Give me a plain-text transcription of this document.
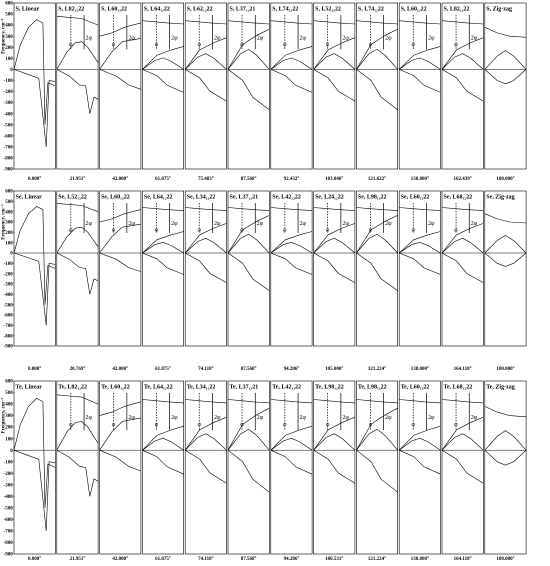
600
500
400
300
200
100
0
-100
-200
-300
-400
-500
-600
-700
-800
-900
Frequency, cm⁻¹
S, Linear
0.000°
S, L82₁₂22
21.951°
φ
2φ
S, L60₁₂22
42.000°
φ
2φ
S, L64₁₂22
61.875°
φ
2φ
S, L62₁₂22
75.483°
φ
2φ
S, L37₁₂21
87.568°
φ
2φ
S, L74₁₂22
92.432°
φ
2φ
S, L52₁₂22
103.846°
φ
2φ
S, L74₁₂22
121.622°
φ
2φ
S, L60₁₂22
138.000°
φ
2φ
S, L82₁₂22
162.439°
φ
2φ
S, Zig-zag
180.000°
600
500
400
300
200
100
0
-100
-200
-300
-400
-500
-600
-700
-800
-900
Frequency, cm⁻¹
Se, Linear
0.000°
Se, L52₁₂22
20.769°
φ
2φ
Se, L60₁₂22
42.000°
φ
2φ
Se, L64₁₂22
61.875°
φ
2φ
Se, L34₁₂22
74.118°
φ
2φ
Se, L37₁₂21
87.568°
φ
2φ
Se, L42₁₂22
94.286°
φ
2φ
Se, L24₁₂22
105.000°
φ
2φ
Se, L98₁₂22
121.224°
φ
2φ
Se, L60₁₂22
138.000°
φ
2φ
Se, L68₁₂22
164.118°
φ
2φ
Se, Zig-zag
180.000°
600
500
400
300
200
100
0
-100
-200
-300
-400
-500
-600
-700
-800
-900
Frequency, cm⁻¹
Te, Linear
0.000°
Te, L82₁₂22
21.951°
φ
2φ
Te, L60₁₂22
42.000°
φ
2φ
Te, L64₁₂22
61.875°
φ
2φ
Te, L34₁₂22
74.118°
φ
2φ
Te, L37₁₂21
87.568°
φ
2φ
Te, L42₁₂22
94.286°
φ
2φ
Te, L98₁₂22
106.531°
φ
2φ
Te, L98₁₂22
121.224°
φ
2φ
Te, L60₁₂22
138.000°
φ
2φ
Te, L68₁₂22
164.118°
φ
2φ
Te, Zig-zag
180.000°
